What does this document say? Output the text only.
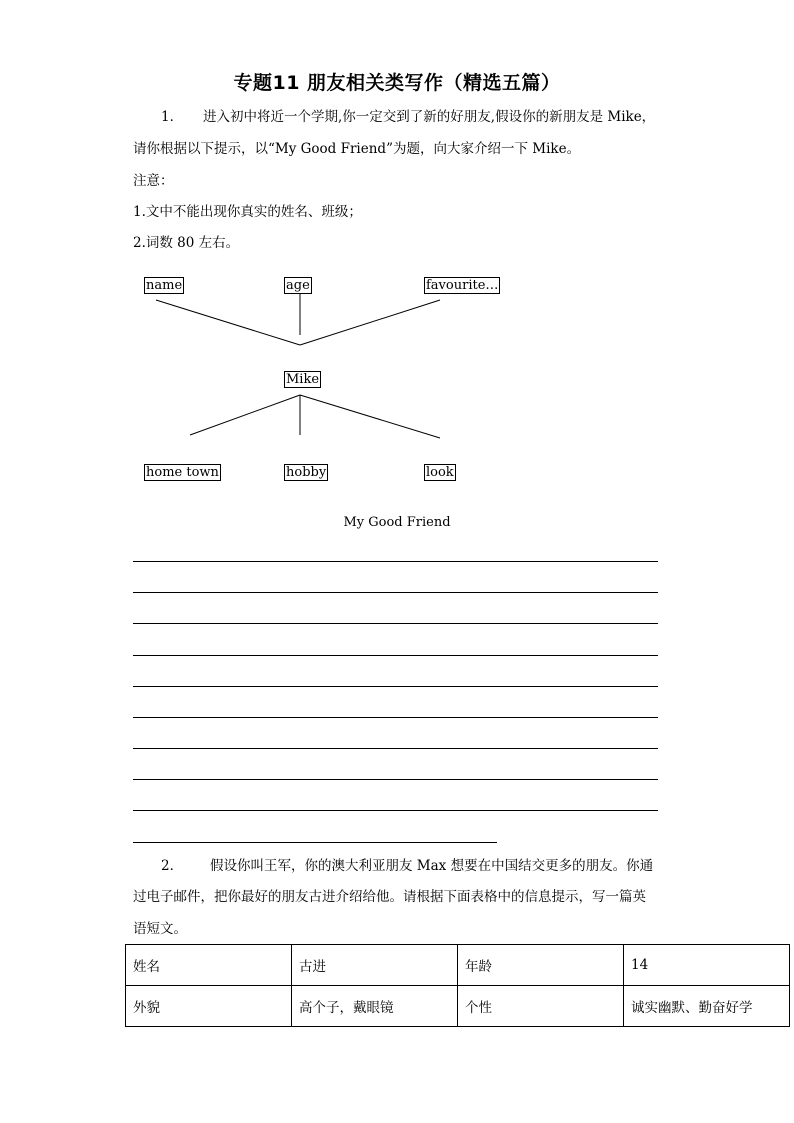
专题11 朋友相关类写作（精选五篇）
1． 进入初中将近一个学期,你一定交到了新的好朋友,假设你的新朋友是 Mike，
请你根据以下提示，以“My Good Friend”为题，向大家介绍一下 Mike。
注意：
1.文中不能出现你真实的姓名、班级；
2.词数 80 左右。
name	age	favourite…
Mike
home town	hobby	look
My Good Friend
2． 假设你叫王军，你的澳大利亚朋友 Max 想要在中国结交更多的朋友。你通
过电子邮件，把你最好的朋友古进介绍给他。请根据下面表格中的信息提示，写一篇英
语短文。
姓名	古进	年龄	14
外貌	高个子，戴眼镜	个性	诚实幽默、勤奋好学
